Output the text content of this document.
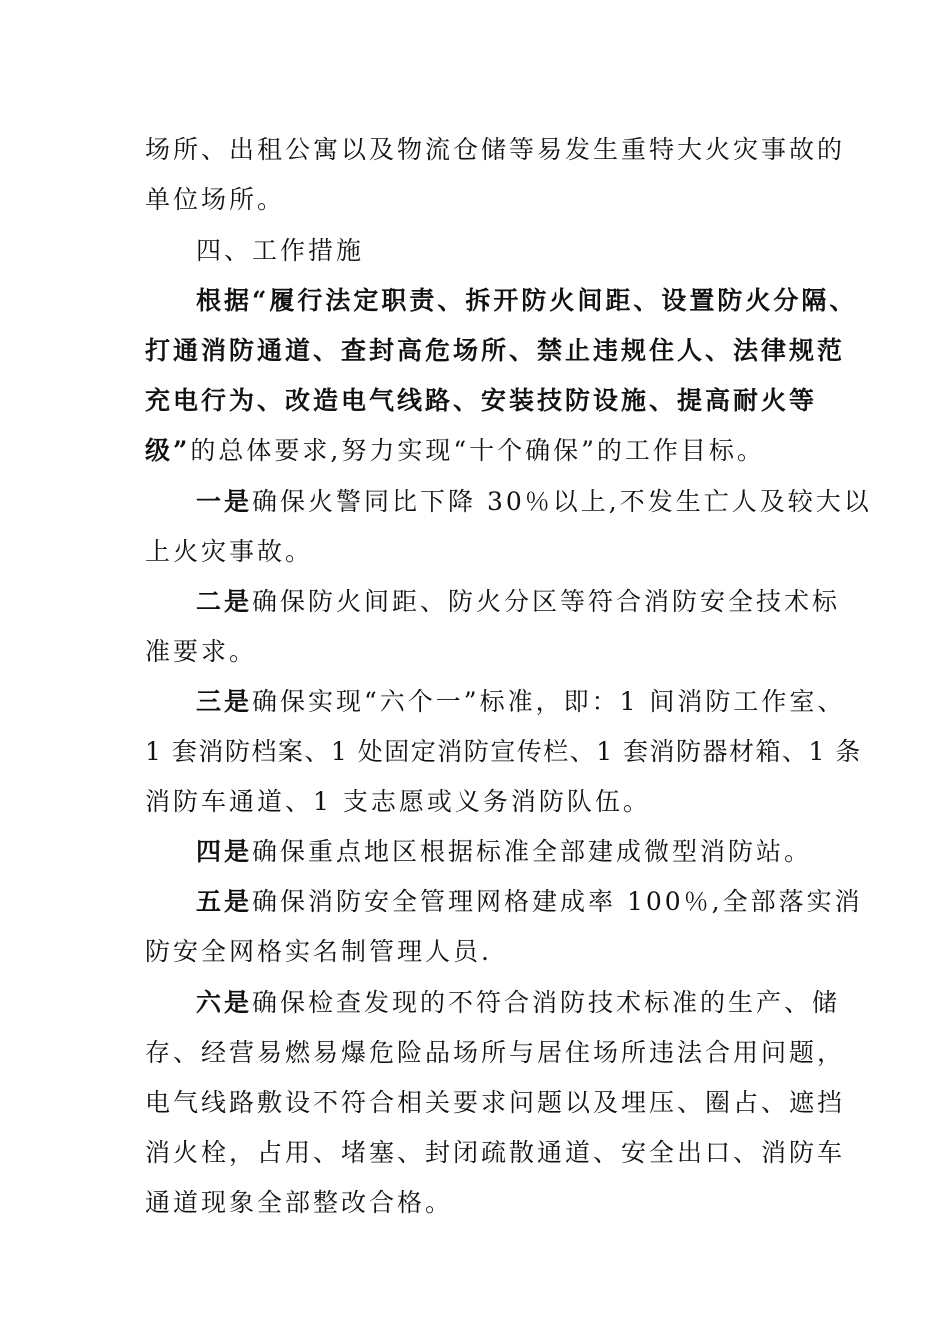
场所、出租公寓以及物流仓储等易发生重特大火灾事故的
单位场所。
四、工作措施
根据“履行法定职责、拆开防火间距、设置防火分隔、
打通消防通道、查封高危场所、禁止违规住人、法律规范
充电行为、改造电气线路、安装技防设施、提高耐火等
级”的总体要求,努力实现“十个确保”的工作目标。
一是确保火警同比下降 30％以上,不发生亡人及较大以
上火灾事故。
二是确保防火间距、防火分区等符合消防安全技术标
准要求。
三是确保实现“六个一”标准，即：1 间消防工作室、
1 套消防档案、1 处固定消防宣传栏、1 套消防器材箱、1 条
消防车通道、1 支志愿或义务消防队伍。
四是确保重点地区根据标准全部建成微型消防站。
五是确保消防安全管理网格建成率 100％,全部落实消
防安全网格实名制管理人员.
六是确保检查发现的不符合消防技术标准的生产、储
存、经营易燃易爆危险品场所与居住场所违法合用问题，
电气线路敷设不符合相关要求问题以及埋压、圈占、遮挡
消火栓，占用、堵塞、封闭疏散通道、安全出口、消防车
通道现象全部整改合格。
